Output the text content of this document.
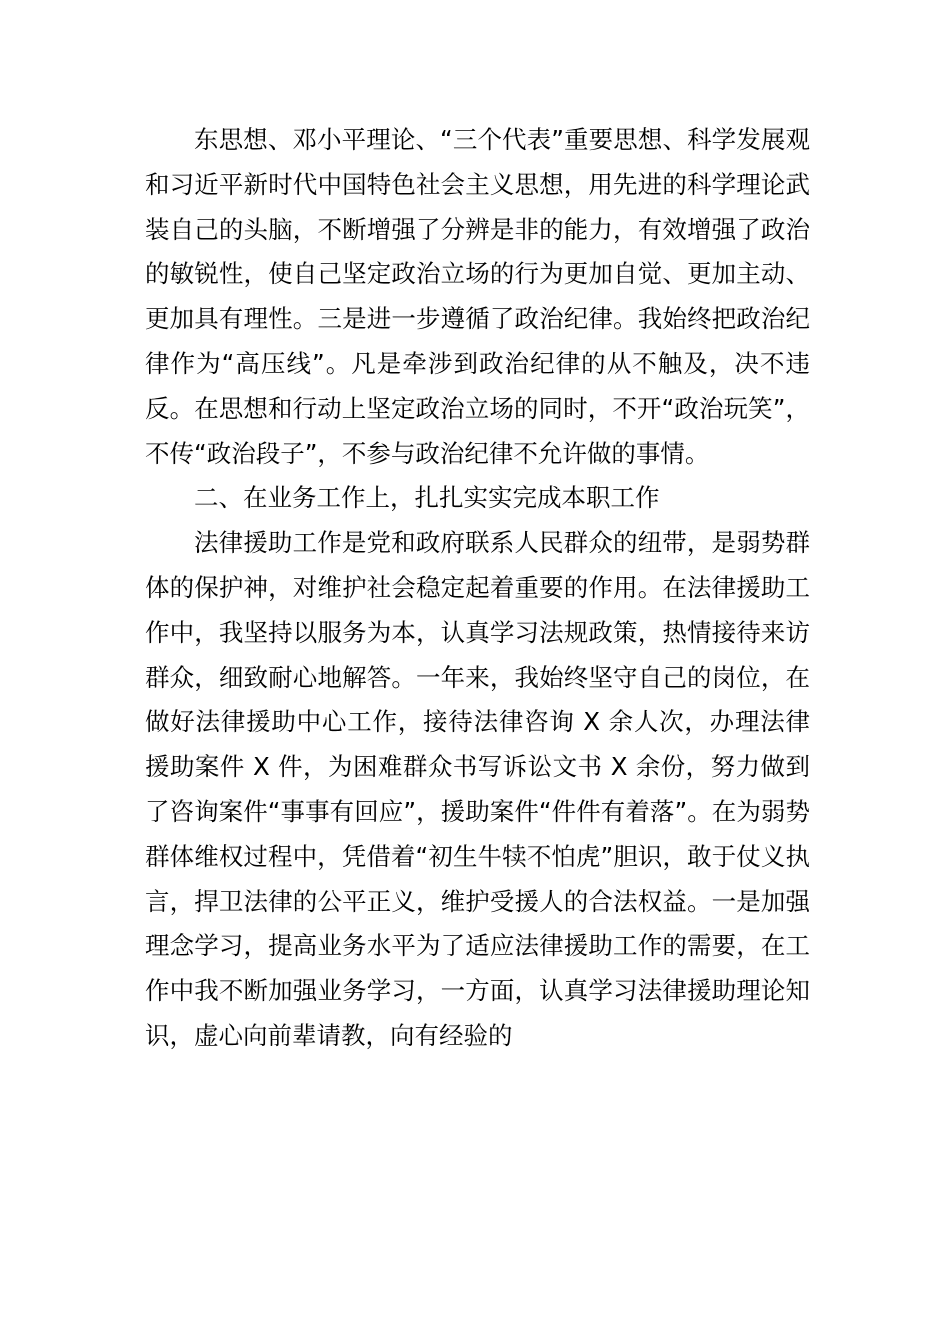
东思想、邓小平理论、“三个代表”重要思想、科学发展观和习近平新时代中国特色社会主义思想，用先进的科学理论武装自己的头脑，不断增强了分辨是非的能力，有效增强了政治的敏锐性，使自己坚定政治立场的行为更加自觉、更加主动、更加具有理性。三是进一步遵循了政治纪律。我始终把政治纪律作为“高压线”。凡是牵涉到政治纪律的从不触及，决不违反。在思想和行动上坚定政治立场的同时，不开“政治玩笑”，不传“政治段子”，不参与政治纪律不允许做的事情。

二、在业务工作上，扎扎实实完成本职工作

法律援助工作是党和政府联系人民群众的纽带，是弱势群体的保护神，对维护社会稳定起着重要的作用。在法律援助工作中，我坚持以服务为本，认真学习法规政策，热情接待来访群众，细致耐心地解答。一年来，我始终坚守自己的岗位，在做好法律援助中心工作，接待法律咨询 X 余人次，办理法律援助案件 X 件，为困难群众书写诉讼文书 X 余份，努力做到了咨询案件“事事有回应”，援助案件“件件有着落”。在为弱势群体维权过程中，凭借着“初生牛犊不怕虎”胆识，敢于仗义执言，捍卫法律的公平正义，维护受援人的合法权益。一是加强理念学习，提高业务水平为了适应法律援助工作的需要，在工作中我不断加强业务学习，一方面，认真学习法律援助理论知识，虚心向前辈请教，向有经验的
